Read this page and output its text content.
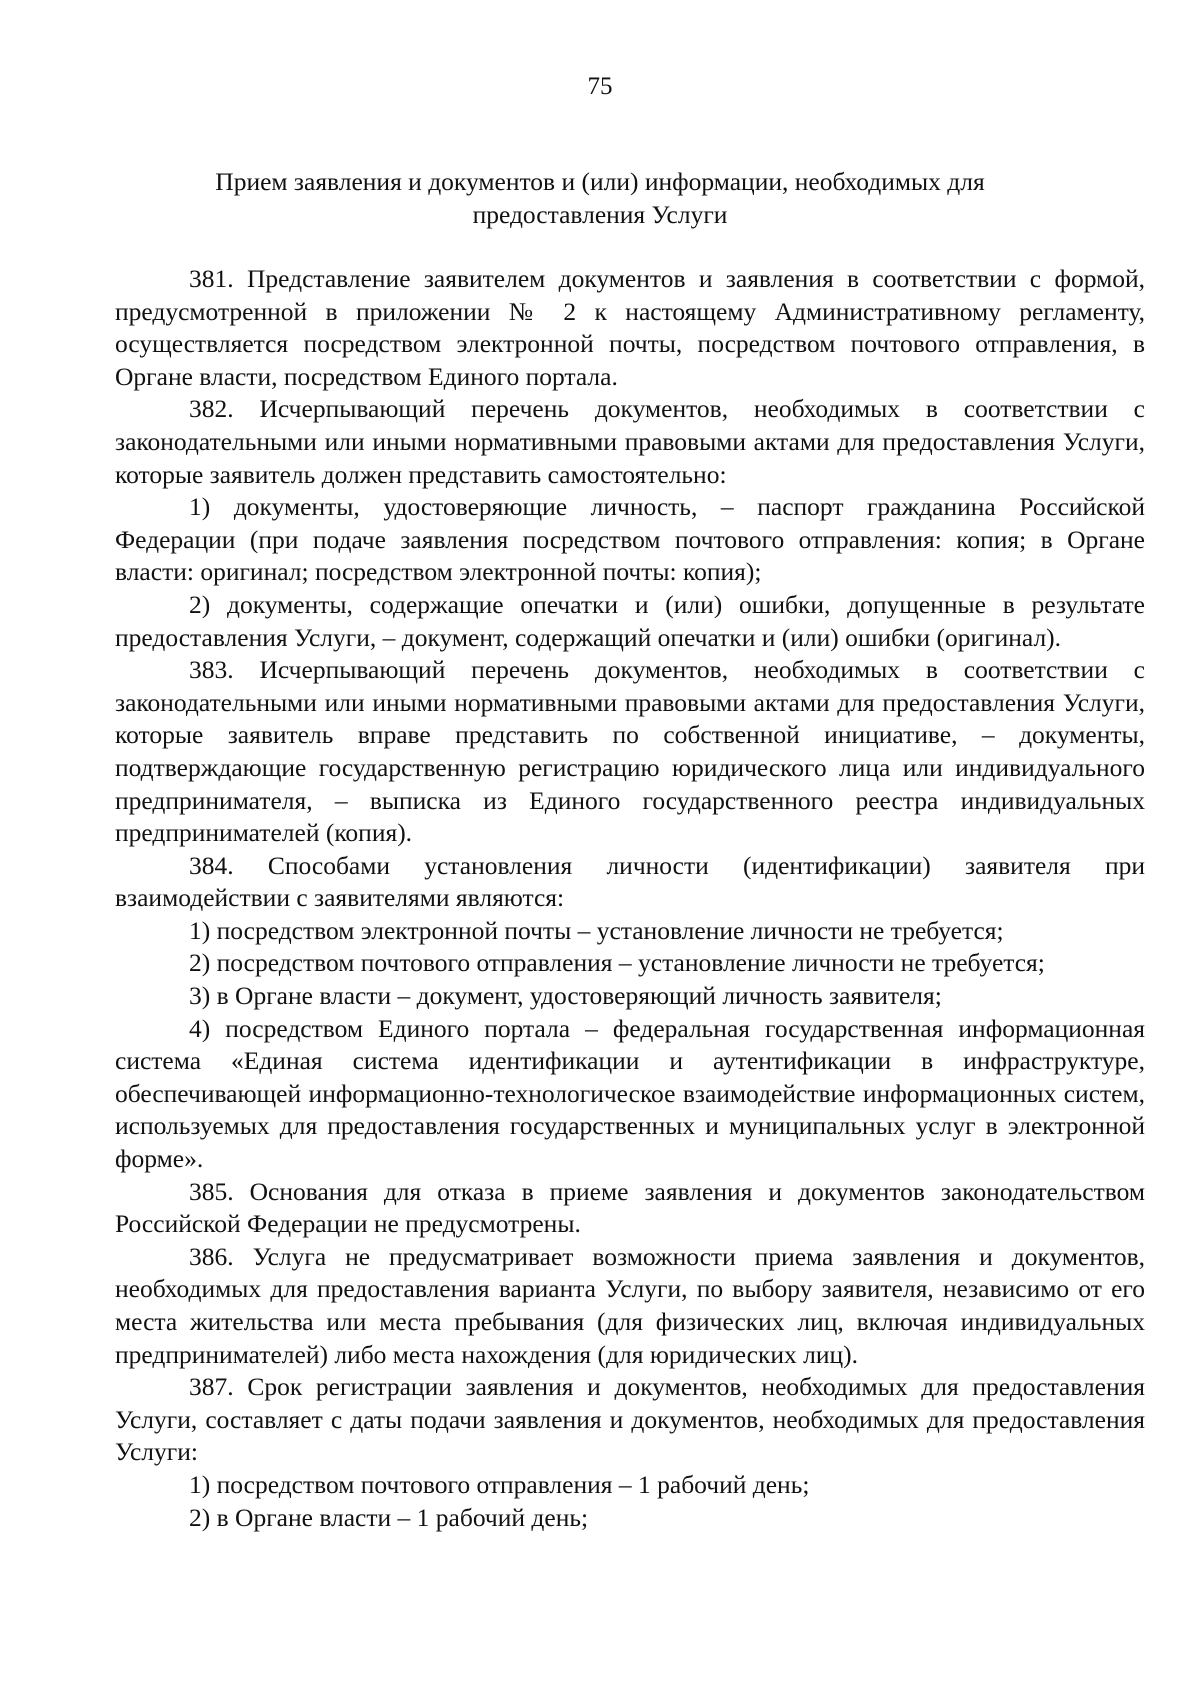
75
Прием заявления и документов и (или) информации, необходимых для
предоставления Услуги

381. Представление заявителем документов и заявления в соответствии с формой, предусмотренной в приложении № 2 к настоящему Административному регламенту, осуществляется посредством электронной почты, посредством почтового отправления, в Органе власти, посредством Единого портала.

382. Исчерпывающий перечень документов, необходимых в соответствии с законодательными или иными нормативными правовыми актами для предоставления Услуги, которые заявитель должен представить самостоятельно:

1) документы, удостоверяющие личность, – паспорт гражданина Российской Федерации (при подаче заявления посредством почтового отправления: копия; в Органе власти: оригинал; посредством электронной почты: копия);

2) документы, содержащие опечатки и (или) ошибки, допущенные в результате предоставления Услуги, – документ, содержащий опечатки и (или) ошибки (оригинал).

383. Исчерпывающий перечень документов, необходимых в соответствии с законодательными или иными нормативными правовыми актами для предоставления Услуги, которые заявитель вправе представить по собственной инициативе, – документы, подтверждающие государственную регистрацию юридического лица или индивидуального предпринимателя, – выписка из Единого государственного реестра индивидуальных предпринимателей (копия).

384. Способами установления личности (идентификации) заявителя при взаимодействии с заявителями являются:

1) посредством электронной почты – установление личности не требуется;

2) посредством почтового отправления – установление личности не требуется;

3) в Органе власти – документ, удостоверяющий личность заявителя;

4) посредством Единого портала – федеральная государственная информационная система «Единая система идентификации и аутентификации в инфраструктуре, обеспечивающей информационно-технологическое взаимодействие информационных систем, используемых для предоставления государственных и муниципальных услуг в электронной форме».

385. Основания для отказа в приеме заявления и документов законодательством Российской Федерации не предусмотрены.

386. Услуга не предусматривает возможности приема заявления и документов, необходимых для предоставления варианта Услуги, по выбору заявителя, независимо от его места жительства или места пребывания (для физических лиц, включая индивидуальных предпринимателей) либо места нахождения (для юридических лиц).

387. Срок регистрации заявления и документов, необходимых для предоставления Услуги, составляет с даты подачи заявления и документов, необходимых для предоставления Услуги:

1) посредством почтового отправления – 1 рабочий день;

2) в Органе власти – 1 рабочий день;
